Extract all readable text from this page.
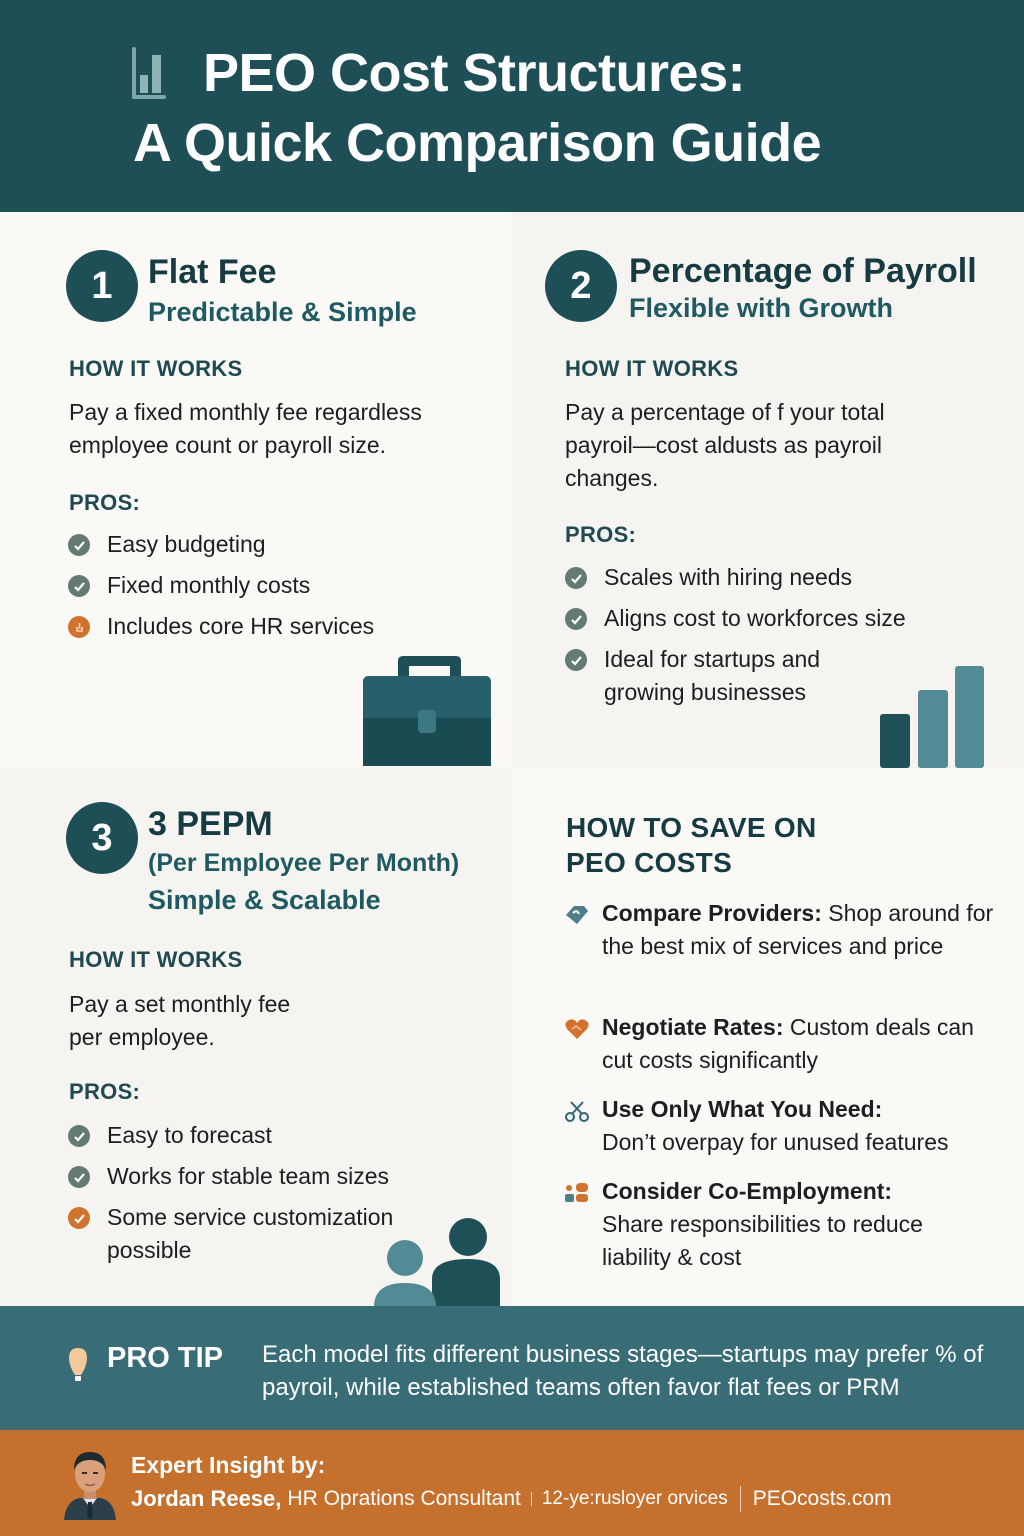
PEO Cost Structures:
A Quick Comparison Guide
1	Flat Fee
Predictable & Simple
HOW IT WORKS
Pay a fixed monthly fee regardless employee count or payroll size.
PROS:
Easy budgeting
Fixed monthly costs
Includes core HR services
2	Percentage of Payroll
Flexible with Growth
HOW IT WORKS
Pay a percentage of f your total payroil—cost aldusts as payroil changes.
PROS:
Scales with hiring needs
Aligns cost to workforces size
Ideal for startups and growing businesses
3	3 PEPM
(Per Employee Per Month)
Simple & Scalable
HOW IT WORKS
Pay a set monthly fee per employee.
PROS:
Easy to forecast
Works for stable team sizes
Some service customization possible
HOW TO SAVE ON
PEO COSTS
Compare Providers: Shop around for the best mix of services and price
Negotiate Rates: Custom deals can cut costs significantly
Use Only What You Need:
Don’t overpay for unused features
Consider Co-Employment:
Share responsibilities to reduce liability & cost
PRO TIP Each model fits different business stages—startups may prefer % of payroil, while established teams often favor flat fees or PRM
Expert Insight by:
Jordan Reese, HR Oprations Consultant 12-ye:rusloyer orvices PEOcosts.com
